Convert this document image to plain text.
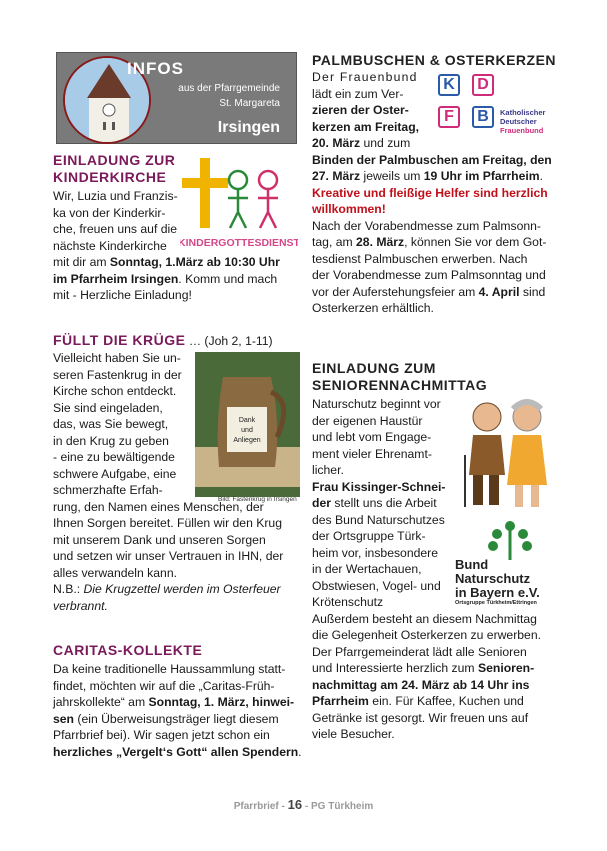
INFOS
aus der Pfarrgemeinde
St. Margareta
Irsingen
EINLADUNG ZUR
KINDERKIRCHE
KINDERGOTTESDIENST
Wir, Luzia und Franzis-
ka von der Kinderkir-
che, freuen uns auf die
nächste Kinderkirche
mit dir am Sonntag, 1.März ab 10:30 Uhr
im Pfarrheim Irsingen. Komm und mach
mit - Herzliche Einladung!
FÜLLT DIE KRÜGE … (Joh 2, 1-11)
Dank
und
Anliegen
Bild: Fastenkrug in Irsingen
Vielleicht haben Sie un-
seren Fastenkrug in der
Kirche schon entdeckt.
Sie sind eingeladen,
das, was Sie bewegt,
in den Krug zu geben
- eine zu bewältigende
schwere Aufgabe, eine
schmerzhafte Erfah-
rung, den Namen eines Menschen, der
Ihnen Sorgen bereitet. Füllen wir den Krug
mit unserem Dank und unseren Sorgen
und setzen wir unser Vertrauen in IHN, der
alles verwandeln kann.
N.B.: Die Krugzettel werden im Osterfeuer
verbrannt.
CARITAS-KOLLEKTE
Da keine traditionelle Haussammlung statt-
findet, möchten wir auf die „Caritas-Früh-
jahrskollekte“ am Sonntag, 1. März, hinwei-
sen (ein Überweisungsträger liegt diesem
Pfarrbrief bei). Wir sagen jetzt schon ein
herzliches „Vergelt‘s Gott“ allen Spendern.
PALMBUSCHEN & OSTERKERZEN
K	D
F	B	Katholischer
Deutscher
Frauenbund
Der Frauenbund
lädt ein zum Ver-
zieren der Oster-
kerzen am Freitag,
20. März und zum
Binden der Palmbuschen am Freitag, den
27. März jeweils um 19 Uhr im Pfarrheim.
Kreative und fleißige Helfer sind herzlich
willkommen!
Nach der Vorabendmesse zum Palmsonn-
tag, am 28. März, können Sie vor dem Got-
tesdienst Palmbuschen erwerben. Nach
der Vorabendmesse zum Palmsonntag und
vor der Auferstehungsfeier am 4. April sind
Osterkerzen erhältlich.
EINLADUNG ZUM
SENIORENNACHMITTAG
Bund
Naturschutz
in Bayern e.V.
Ortsgruppe Türkheim/Ettringen
Naturschutz beginnt vor
der eigenen Haustür
und lebt vom Engage-
ment vieler Ehrenamt-
licher.
Frau Kissinger-Schnei-
der stellt uns die Arbeit
des Bund Naturschutzes
der Ortsgruppe Türk-
heim vor, insbesondere
in der Wertachauen,
Obstwiesen, Vogel- und
Krötenschutz
Außerdem besteht an diesem Nachmittag
die Gelegenheit Osterkerzen zu erwerben.
Der Pfarrgemeinderat lädt alle Senioren
und Interessierte herzlich zum Senioren-
nachmittag am 24. März ab 14 Uhr ins
Pfarrheim ein. Für Kaffee, Kuchen und
Getränke ist gesorgt. Wir freuen uns auf
viele Besucher.
Pfarrbrief - 16 - PG Türkheim
